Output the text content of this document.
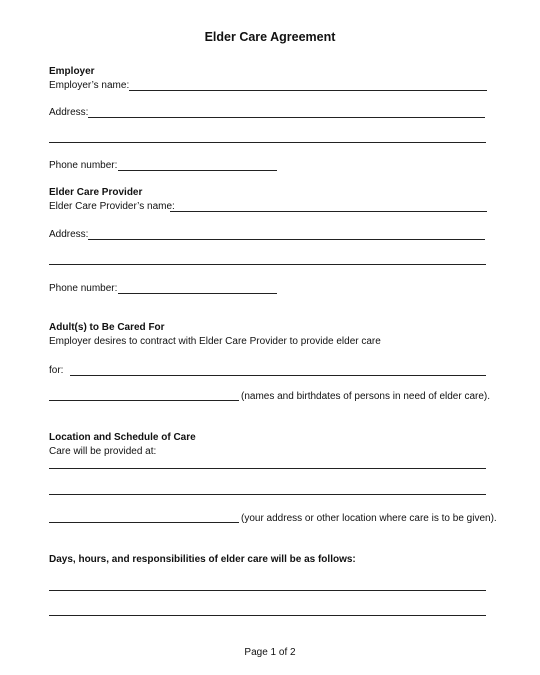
Elder Care Agreement
Employer
Employer’s name:
Address:
Phone number:
Elder Care Provider
Elder Care Provider’s name:
Address:
Phone number:
Adult(s) to Be Cared For
Employer desires to contract with Elder Care Provider to provide elder care
for:
(names and birthdates of persons in need of elder care).
Location and Schedule of Care
Care will be provided at:
(your address or other location where care is to be given).
Days, hours, and responsibilities of elder care will be as follows:
Page 1 of 2
